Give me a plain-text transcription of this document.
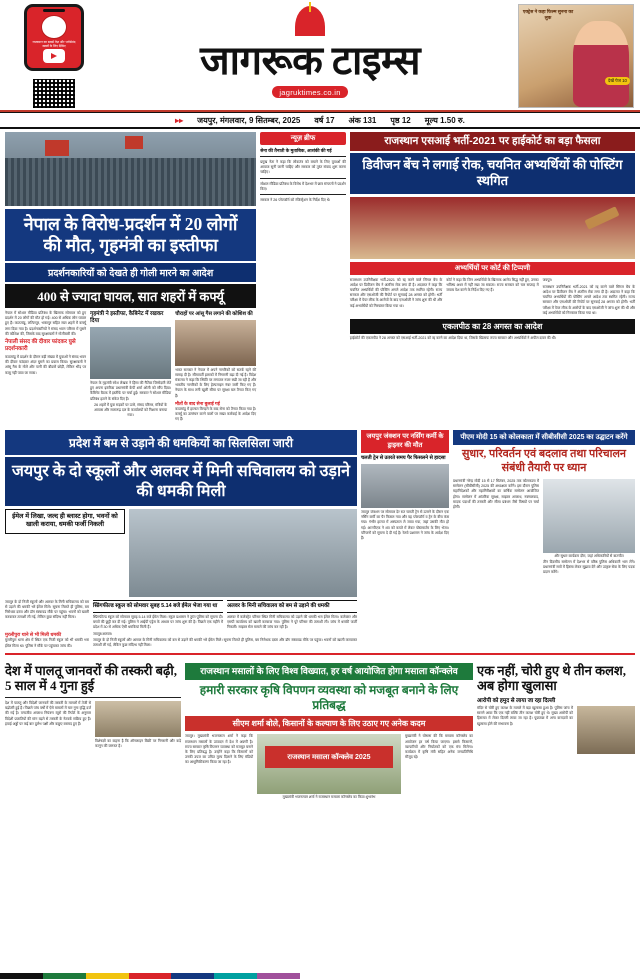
राजस्थान का सबसे तेज़ और भरोसेमंद खबरों के लिए देखिए	जागरूक टाइम्स
jagruktimes.co.in
एक्ट्रेस ने कहा फिल्म सुनना का लुक
देखें पेज 10
▸▸ जयपुर, मंगलवार, 9 सितम्बर, 2025 वर्ष 17 अंक 131 पृष्ठ 12 मूल्य 1.50 रु.
नेपाल के विरोध-प्रदर्शन में 20 लोगों
की मौत, गृहमंत्री का इस्तीफा
प्रदर्शनकारियों को देखते ही गोली मारने का आदेश
400 से ज्यादा घायल, सात शहरों में कर्फ्यू
नेपाल में सोशल मीडिया प्रतिबंध के खिलाफ सोमवार को हुए प्रदर्शन में 20 लोगों की मौत हो गई। 400 से अधिक लोग घायल हुए हैं। काठमांडू, ललितपुर, भक्तपुर सहित सात शहरों में कर्फ्यू लगा दिया गया है। प्रदर्शनकारियों ने संसद भवन परिसर में घुसने की कोशिश की, जिसके बाद सुरक्षाबलों ने गोलीबारी की।
नेपाली संसद की दीवार फांदकर घुसे प्रदर्शनकारी
काठमांडू में प्रदर्शन के दौरान बड़ी संख्या में युवाओं ने संसद भवन की दीवार फांदकर अंदर घुसने का प्रयास किया। सुरक्षाबलों ने आंसू गैस के गोले और पानी की बौछारें छोड़ीं, लेकिन भीड़ पर काबू नहीं पाया जा सका।
गृहमंत्री ने इस्तीफा, कैबिनेट में रखकर दिया
नेपाल के गृहमंत्री रमेश लेखक ने हिंसा की नैतिक जिम्मेदारी लेते हुए अपना इस्तीफा प्रधानमंत्री केपी शर्मा ओली को सौंप दिया। कैबिनेट बैठक में इस्तीफे पर चर्चा हुई। सरकार ने सोशल मीडिया प्रतिबंध हटाने के संकेत दिए हैं।
26 शहरों में युवा सड़कों पर उतरे, संसद परिसर, मंत्रियों के आवास और सत्तारूढ़ दल के कार्यालयों को निशाना बनाया गया।
चौराहों पर आंसू गैस लगाने की कोशिश की
भारत सरकार ने नेपाल में अपने नागरिकों को सतर्क रहने की सलाह दी है। सीमावर्ती इलाकों में निगरानी बढ़ा दी गई है। विदेश मंत्रालय ने कहा कि स्थिति पर लगातार नजर रखी जा रही है और भारतीय नागरिकों के लिए हेल्पलाइन नंबर जारी किए गए हैं। नेपाल के साथ लगी खुली सीमा पर सुरक्षा बल तैनात किए गए हैं।
मौतों के बाद सेना बुलाई गई
काठमांडू में हालात बिगड़ने के बाद सेना को तैनात किया गया है। कर्फ्यू का उल्लंघन करने वालों पर सख्त कार्रवाई के आदेश दिए गए हैं।
न्यूज़ ब्रीफ
सेना की तैनाती के मुताबिक, आशंकी की गई
प्रमुख नेता ने कहा कि लोकतंत्र को बचाने के लिए युवाओं की आवाज सुनी जानी चाहिए और सरकार को तुरंत संवाद शुरू करना चाहिए।
सोशल मीडिया प्रतिबंध के विरोध में देशभर में छात्र संगठनों ने प्रदर्शन किए।
सरकार ने 26 प्लेटफॉर्म को रजिस्ट्रेशन के निर्देश दिए थे।
राजस्थान एसआई भर्ती-2021 पर हाईकोर्ट का बड़ा फैसला
डिवीजन बेंच ने लगाई रोक, चयनित अभ्यर्थियों की पोस्टिंग स्थगित
अभ्यर्थियों पर कोर्ट की टिप्पणी
राजस्थान उपनिरीक्षक भर्ती-2021 को रद्द करने वाले सिंगल बेंच के आदेश पर डिवीजन बेंच ने अंतरिम रोक लगा दी है। अदालत ने कहा कि चयनित अभ्यर्थियों की पोस्टिंग अगले आदेश तक स्थगित रहेगी। राज्य सरकार और एसओजी की रिपोर्ट पर सुनवाई 28 अगस्त को होगी। भर्ती परीक्षा में पेपर लीक के आरोपों के बाद एसओजी ने जांच शुरू की थी और कई अभ्यर्थियों को गिरफ्तार किया गया था।
कोर्ट ने कहा कि जिन अभ्यर्थियों के खिलाफ आरोप सिद्ध नहीं हुए, उनका भविष्य अधर में नहीं रखा जा सकता। राज्य सरकार को चार सप्ताह में जवाब पेश करने के निर्देश दिए गए हैं।
जयपुर।
राजस्थान उपनिरीक्षक भर्ती-2021 को रद्द करने वाले सिंगल बेंच के आदेश पर डिवीजन बेंच ने अंतरिम रोक लगा दी है। अदालत ने कहा कि चयनित अभ्यर्थियों की पोस्टिंग अगले आदेश तक स्थगित रहेगी। राज्य सरकार और एसओजी की रिपोर्ट पर सुनवाई 28 अगस्त को होगी। भर्ती परीक्षा में पेपर लीक के आरोपों के बाद एसओजी ने जांच शुरू की थी और कई अभ्यर्थियों को गिरफ्तार किया गया था।
एकलपीठ का 28 अगस्त का आदेश
हाईकोर्ट की एकलपीठ ने 28 अगस्त को एसआई भर्ती-2021 को रद्द करने का आदेश दिया था, जिसके खिलाफ राज्य सरकार और अभ्यर्थियों ने अपील दायर की थी।
प्रदेश में बम से उड़ाने की धमकियों का सिलसिला जारी
जयपुर के दो स्कूलों और अलवर में मिनी सचिवालय को उड़ाने की धमकी मिली
ईमेल में लिखा, जल्द ही ब्लास्ट होगा, भवनों को खाली कराया, धमकी फर्जी निकली
जयपुर के दो निजी स्कूलों और अलवर के मिनी सचिवालय को बम से उड़ाने की धमकी भरे ईमेल मिले। सूचना मिलते ही पुलिस, बम निरोधक दस्ता और डॉग स्क्वायड मौके पर पहुंचा। भवनों को खाली करवाकर तलाशी ली गई, लेकिन कुछ संदिग्ध नहीं मिला।
स्प्रिंगफील्ड स्कूल को सोमवार सुबह 5.14 बजे ईमेल भेजा गया था
स्प्रिंगफील्ड स्कूल को सोमवार सुबह 5.14 बजे ईमेल मिला। स्कूल प्रशासन ने तुरंत पुलिस को सूचना दी। बच्चों की छुट्टी कर दी गई। पुलिस ने आईपी एड्रेस के आधार पर जांच शुरू की है। पिछले एक महीने में प्रदेश में 30 से अधिक ऐसी धमकियां मिली हैं।
अलवर के मिनी सचिवालय को बम से उड़ाने की धमकी
अलवर में कलेक्ट्रेट परिसर स्थित मिनी सचिवालय को उड़ाने की धमकी भरा ईमेल मिला। कलेक्टर और एसपी कार्यालय को खाली करवाया गया। पुलिस ने पूरे परिसर की तलाशी ली। जांच में धमकी फर्जी निकली। साइबर सेल मामले की जांच कर रही है।
मुरलीपुरा थाने से भी मिली धमकी
मुरलीपुरा थाना क्षेत्र में स्थित एक निजी स्कूल को भी धमकी भरा ईमेल मिला था। पुलिस ने मौके पर पहुंचकर जांच की।
जयपुर/अलवर।
जयपुर के दो निजी स्कूलों और अलवर के मिनी सचिवालय को बम से उड़ाने की धमकी भरे ईमेल मिले। सूचना मिलते ही पुलिस, बम निरोधक दस्ता और डॉग स्क्वायड मौके पर पहुंचा। भवनों को खाली करवाकर तलाशी ली गई, लेकिन कुछ संदिग्ध नहीं मिला।
जयपुर जंक्शन पर नर्सिंग कर्मी के ड्राइवर की मौत
चलती ट्रेन से उतरते समय पैर फिसलने से हादसा
जयपुर जंक्शन पर सोमवार देर रात चलती ट्रेन से उतरने के दौरान एक नर्सिंग कर्मी का पैर फिसल गया और वह प्लेटफॉर्म व ट्रेन के बीच फंस गया। गंभीर हालत में अस्पताल ले जाया गया, जहां उसकी मौत हो गई। आरपीएफ ने शव को कब्जे में लेकर पोस्टमार्टम के लिए भेजा। परिजनों को सूचना दे दी गई है। रेलवे प्रशासन ने जांच के आदेश दिए हैं।
पीएम मोदी 15 को कोलकाता में सीबीसीसी 2025 का उद्घाटन करेंगे
सुधार, परिवर्तन एवं बदलाव तथा परिचालन संबंधी तैयारी पर ध्यान
प्रधानमंत्री नरेन्द्र मोदी 15 से 17 सितंबर, 2025 तक कोलकाता में सम्मेलन (सीबीसीसी) 2025 की अध्यक्षता करेंगे। इस दौरान पुलिस महानिदेशकों और महानिरीक्षकों का वार्षिक सम्मेलन आयोजित होगा। सम्मेलन में आंतरिक सुरक्षा, साइबर अपराध, नक्सलवाद, मादक पदार्थों की तस्करी और सीमा प्रबंधन जैसे विषयों पर चर्चा होगी।
और सुधार कार्यक्रम दौरा, जहां अधिकारियों से बातचीत
तीन दिवसीय सम्मेलन में देशभर से वरिष्ठ पुलिस अधिकारी भाग लेंगे। प्रधानमंत्री सत्रों में हिस्सा लेकर सुझाव देंगे और उत्कृष्ट सेवा के लिए पदक प्रदान करेंगे।
देश में पालतू जानवरों की तस्करी बढ़ी, 5 साल में 4 गुना हुई
देश में पालतू और विदेशी जानवरों की तस्करी के मामलों में तेजी से बढ़ोतरी हुई है। पिछले पांच वर्षों में ऐसे मामलों में चार गुना वृद्धि दर्ज की गई है। वन्यजीव अपराध नियंत्रण ब्यूरो की रिपोर्ट के अनुसार विदेशी प्रजातियों की मांग बढ़ने से तस्करी के नेटवर्क सक्रिय हुए हैं। हवाई अड्डों पर कई बार दुर्लभ पक्षी और कछुए बरामद हुए हैं।
विशेषज्ञों का कहना है कि ऑनलाइन बिक्री पर निगरानी और कड़े कानून की जरूरत है।
राजस्थान मसालों के लिए विश्व विख्यात, हर वर्ष आयोजित होगा मसाला कॉन्क्लेव
हमारी सरकार कृषि विपणन व्यवस्था को मजबूत बनाने के लिए प्रतिबद्ध
सीएम शर्मा बोले, किसानों के कल्याण के लिए उठाए गए अनेक कदम
जयपुर। मुख्यमंत्री भजनलाल शर्मा ने कहा कि राजस्थान मसालों के उत्पादन में देश में अग्रणी है। राज्य सरकार कृषि विपणन व्यवस्था को मजबूत बनाने के लिए प्रतिबद्ध है। उन्होंने कहा कि किसानों को उनकी उपज का उचित मूल्य दिलाने के लिए मंडियों का आधुनिकीकरण किया जा रहा है।
राजस्थान मसाला कॉन्क्लेव 2025
मुख्यमंत्री भजनलाल शर्मा ने राजस्थान मसाला कॉन्क्लेव का किया शुभारंभ
मुख्यमंत्री ने घोषणा की कि मसाला कॉन्क्लेव का आयोजन हर वर्ष किया जाएगा। इससे किसानों, व्यापारियों और निर्यातकों को एक मंच मिलेगा। कार्यक्रम में कृषि मंत्री सहित अनेक जनप्रतिनिधि मौजूद रहे।
एक नहीं, चोरी हुए थे तीन कलश, अब होगा खुलासा
आरोपी को हमुद से लाया जा रहा दिल्ली
मंदिर से चोरी हुए कलश के मामले में बड़ा खुलासा हुआ है। पुलिस जांच में सामने आया कि एक नहीं बल्कि तीन कलश चोरी हुए थे। मुख्य आरोपी को हिरासत में लेकर दिल्ली लाया जा रहा है। पूछताछ में अन्य वारदातों का खुलासा होने की संभावना है।
